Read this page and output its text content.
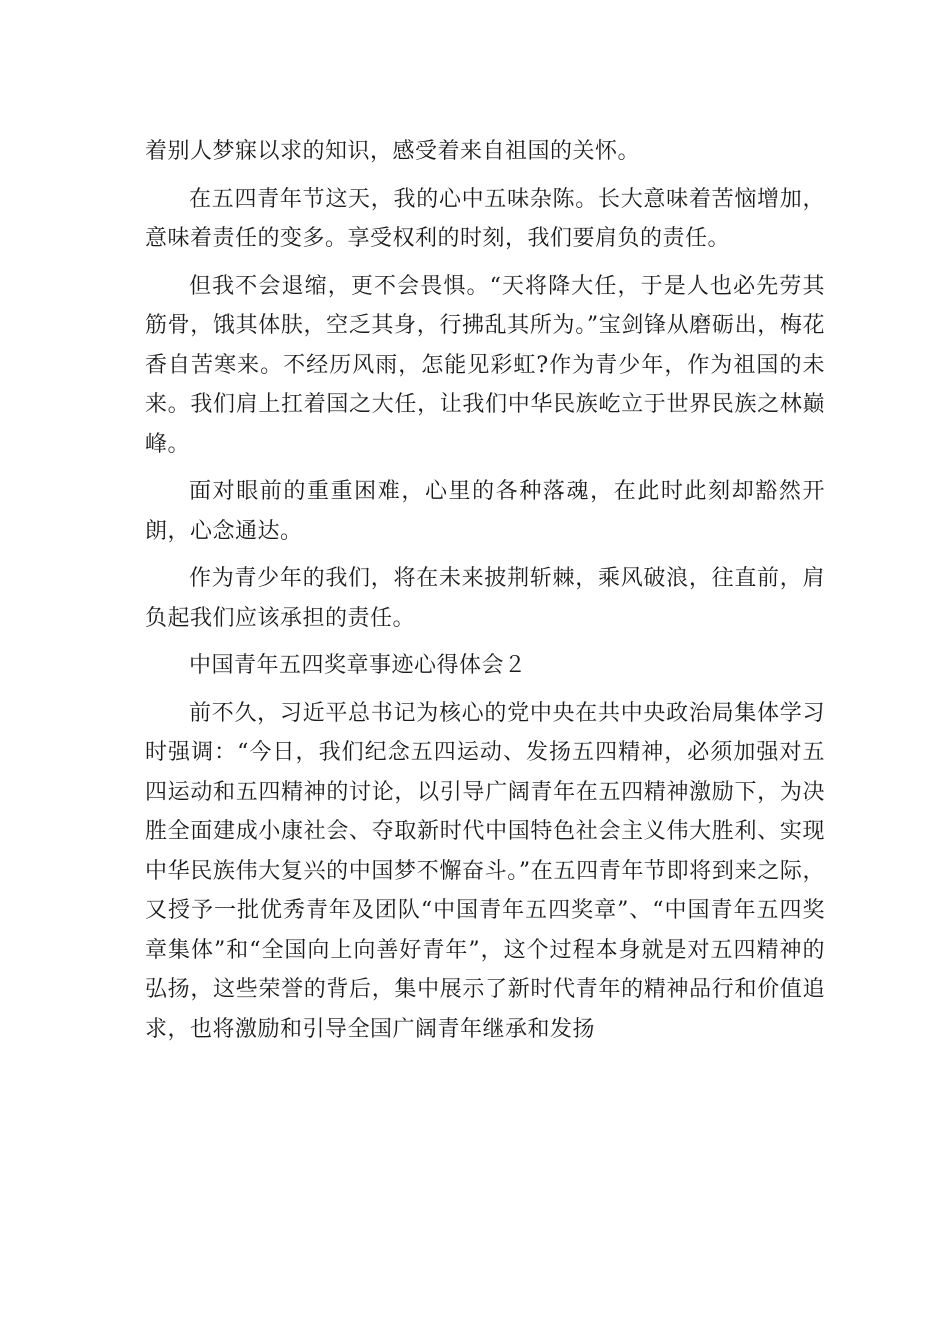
着别人梦寐以求的知识，感受着来自祖国的关怀。

在五四青年节这天，我的心中五味杂陈。长大意味着苦恼增加，意味着责任的变多。享受权利的时刻，我们要肩负的责任。

但我不会退缩，更不会畏惧。“天将降大任，于是人也必先劳其筋骨，饿其体肤，空乏其身，行拂乱其所为。”宝剑锋从磨砺出，梅花香自苦寒来。不经历风雨，怎能见彩虹?作为青少年，作为祖国的未来。我们肩上扛着国之大任，让我们中华民族屹立于世界民族之林巅峰。

面对眼前的重重困难，心里的各种落魂，在此时此刻却豁然开朗，心念通达。

作为青少年的我们，将在未来披荆斩棘，乘风破浪，往直前，肩负起我们应该承担的责任。

中国青年五四奖章事迹心得体会２

前不久，习近平总书记为核心的党中央在共中央政治局集体学习时强调：“今日，我们纪念五四运动、发扬五四精神，必须加强对五四运动和五四精神的讨论，以引导广阔青年在五四精神激励下，为决胜全面建成小康社会、夺取新时代中国特色社会主义伟大胜利、实现中华民族伟大复兴的中国梦不懈奋斗。”在五四青年节即将到来之际，又授予一批优秀青年及团队“中国青年五四奖章”、“中国青年五四奖章集体”和“全国向上向善好青年”，这个过程本身就是对五四精神的弘扬，这些荣誉的背后，集中展示了新时代青年的精神品行和价值追求，也将激励和引导全国广阔青年继承和发扬
